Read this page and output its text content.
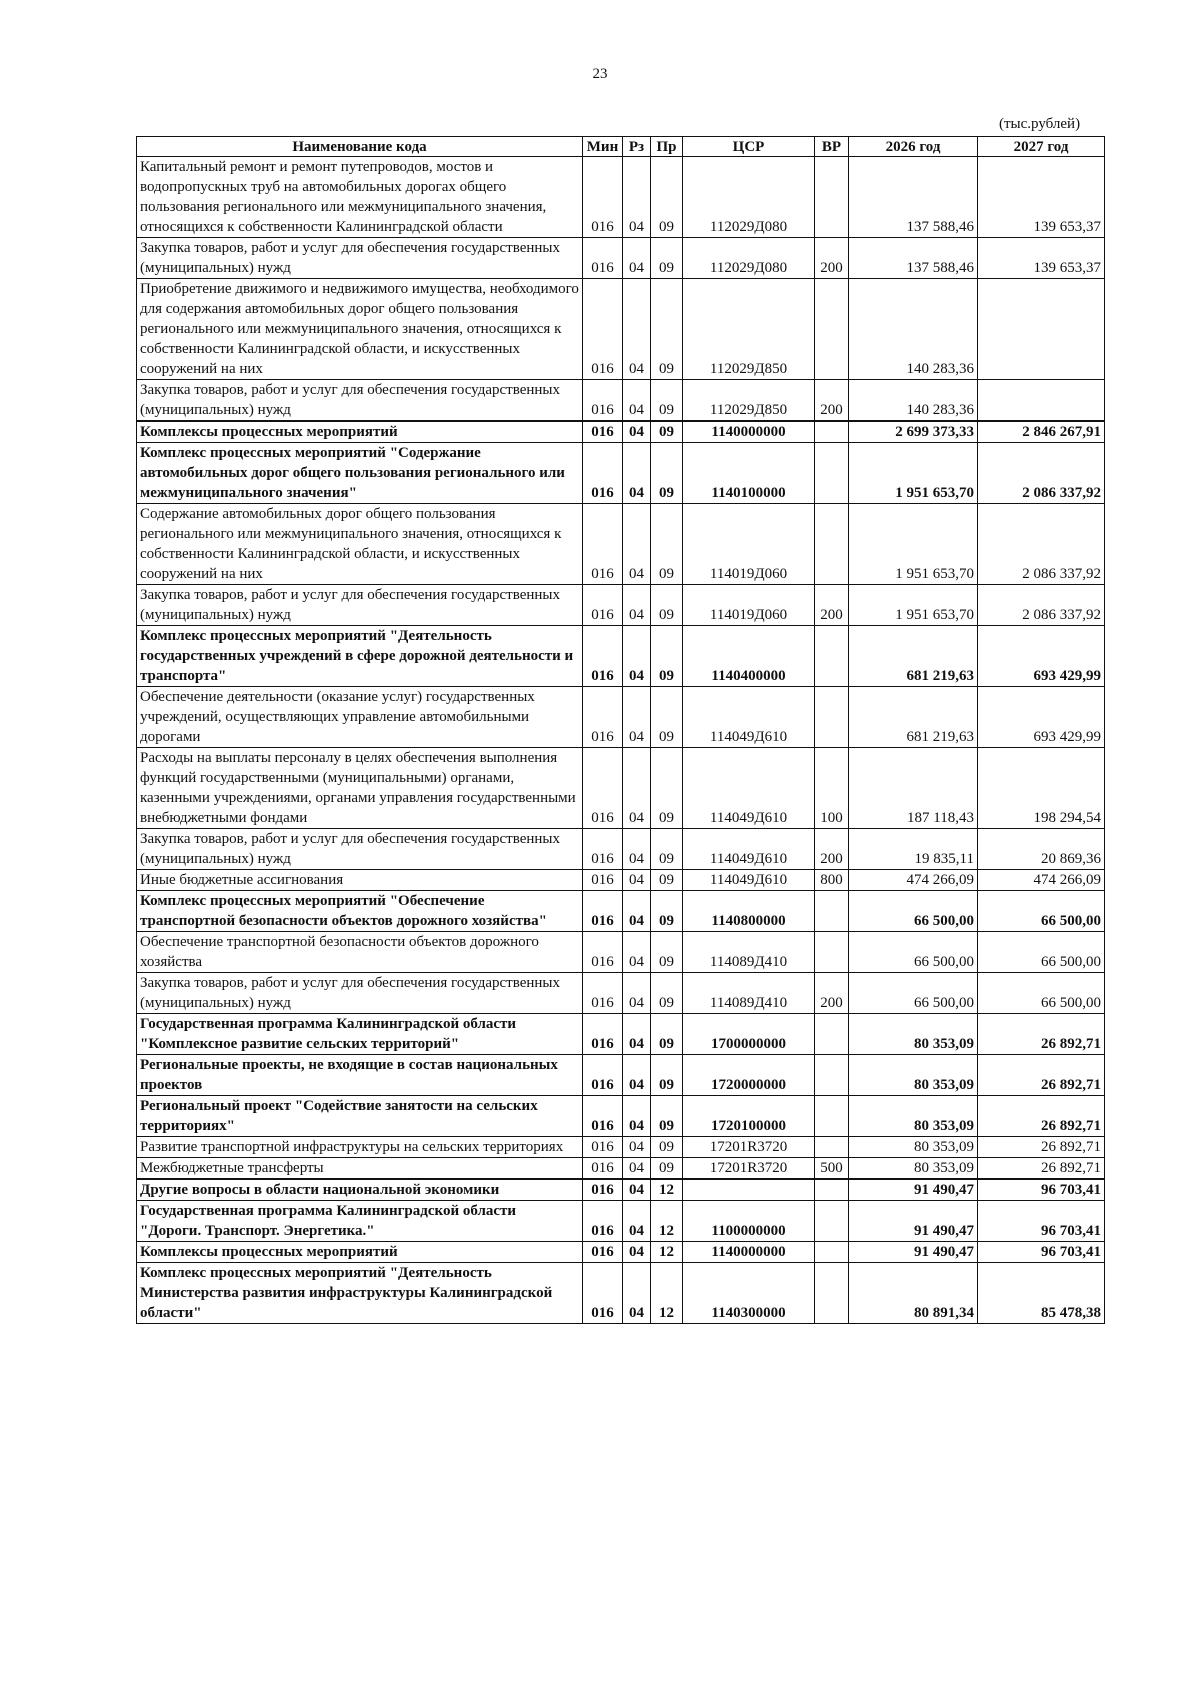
23
(тыс.рублей)
Наименование кода	Мин	Рз	Пр	ЦСР	ВР	2026 год	2027 год
Капитальный ремонт и ремонт путепроводов, мостов и водопропускных труб на автомобильных дорогах общего пользования регионального или межмуниципального значения, относящихся к собственности Калининградской области	016	04	09	112029Д080		137 588,46	139 653,37
Закупка товаров, работ и услуг для обеспечения государственных (муниципальных) нужд	016	04	09	112029Д080	200	137 588,46	139 653,37
Приобретение движимого и недвижимого имущества, необходимого для содержания автомобильных дорог общего пользования регионального или межмуниципального значения, относящихся к собственности Калининградской области, и искусственных сооружений на них	016	04	09	112029Д850		140 283,36	
Закупка товаров, работ и услуг для обеспечения государственных (муниципальных) нужд	016	04	09	112029Д850	200	140 283,36	
Комплексы процессных мероприятий	016	04	09	1140000000		2 699 373,33	2 846 267,91
Комплекс процессных мероприятий "Содержание автомобильных дорог общего пользования регионального или межмуниципального значения"	016	04	09	1140100000		1 951 653,70	2 086 337,92
Содержание автомобильных дорог общего пользования регионального или межмуниципального значения, относящихся к собственности Калининградской области, и искусственных сооружений на них	016	04	09	114019Д060		1 951 653,70	2 086 337,92
Закупка товаров, работ и услуг для обеспечения государственных (муниципальных) нужд	016	04	09	114019Д060	200	1 951 653,70	2 086 337,92
Комплекс процессных мероприятий "Деятельность государственных учреждений в сфере дорожной деятельности и транспорта"	016	04	09	1140400000		681 219,63	693 429,99
Обеспечение деятельности (оказание услуг) государственных учреждений, осуществляющих управление автомобильными дорогами	016	04	09	114049Д610		681 219,63	693 429,99
Расходы на выплаты персоналу в целях обеспечения выполнения функций государственными (муниципальными) органами, казенными учреждениями, органами управления государственными внебюджетными фондами	016	04	09	114049Д610	100	187 118,43	198 294,54
Закупка товаров, работ и услуг для обеспечения государственных (муниципальных) нужд	016	04	09	114049Д610	200	19 835,11	20 869,36
Иные бюджетные ассигнования	016	04	09	114049Д610	800	474 266,09	474 266,09
Комплекс процессных мероприятий "Обеспечение транспортной безопасности объектов дорожного хозяйства"	016	04	09	1140800000		66 500,00	66 500,00
Обеспечение транспортной безопасности объектов дорожного хозяйства	016	04	09	114089Д410		66 500,00	66 500,00
Закупка товаров, работ и услуг для обеспечения государственных (муниципальных) нужд	016	04	09	114089Д410	200	66 500,00	66 500,00
Государственная программа Калининградской области "Комплексное развитие сельских территорий"	016	04	09	1700000000		80 353,09	26 892,71
Региональные проекты, не входящие в состав национальных проектов	016	04	09	1720000000		80 353,09	26 892,71
Региональный проект "Содействие занятости на сельских территориях"	016	04	09	1720100000		80 353,09	26 892,71
Развитие транспортной инфраструктуры на сельских территориях	016	04	09	17201R3720		80 353,09	26 892,71
Межбюджетные трансферты	016	04	09	17201R3720	500	80 353,09	26 892,71
Другие вопросы в области национальной экономики	016	04	12			91 490,47	96 703,41
Государственная программа Калининградской области "Дороги. Транспорт. Энергетика."	016	04	12	1100000000		91 490,47	96 703,41
Комплексы процессных мероприятий	016	04	12	1140000000		91 490,47	96 703,41
Комплекс процессных мероприятий "Деятельность Министерства развития инфраструктуры Калининградской области"	016	04	12	1140300000		80 891,34	85 478,38
